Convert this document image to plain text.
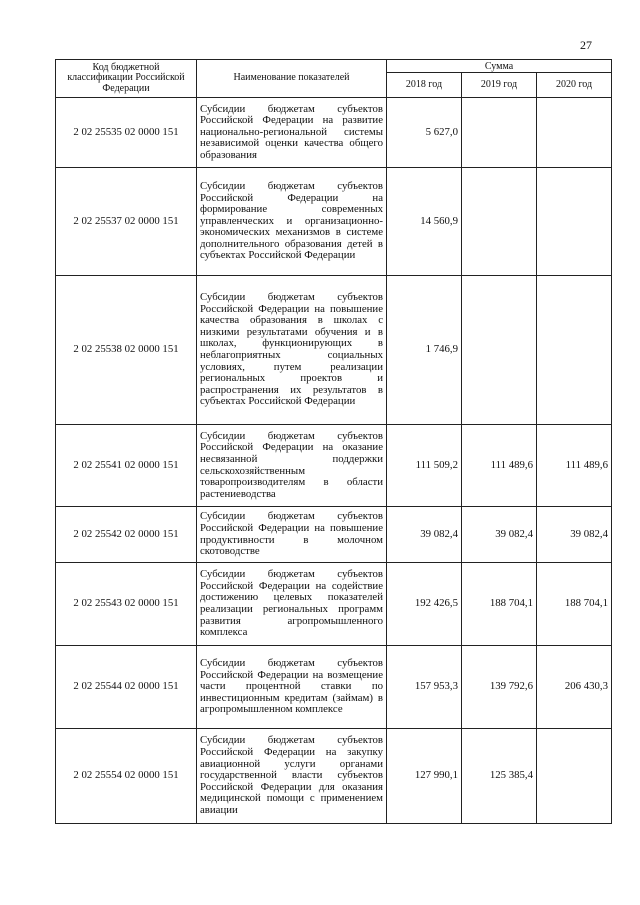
27
Код бюджетной классификации Российской Федерации	Наименование показателей	Сумма		
		2018 год	2019 год	2020 год
2 02 25535 02 0000 151	Субсидии бюджетам субъектов Российской Федерации на развитие национально-региональной системы независимой оценки качества общего образования	5 627,0		
2 02 25537 02 0000 151	Субсидии бюджетам субъектов Российской Федерации на формирование современных управленческих и организационно-экономических механизмов в системе дополнительного образования детей в субъектах Российской Федерации	14 560,9		
2 02 25538 02 0000 151	Субсидии бюджетам субъектов Российской Федерации на повышение качества образования в школах с низкими результатами обучения и в школах, функционирующих в неблагоприятных социальных условиях, путем реализации региональных проектов и распространения их результатов в субъектах Российской Федерации	1 746,9		
2 02 25541 02 0000 151	Субсидии бюджетам субъектов Российской Федерации на оказание несвязанной поддержки сельскохозяйственным товаропроизводителям в области растениеводства	111 509,2	111 489,6	111 489,6
2 02 25542 02 0000 151	Субсидии бюджетам субъектов Российской Федерации на повышение продуктивности в молочном скотоводстве	39 082,4	39 082,4	39 082,4
2 02 25543 02 0000 151	Субсидии бюджетам субъектов Российской Федерации на содействие достижению целевых показателей реализации региональных программ развития агропромышленного комплекса	192 426,5	188 704,1	188 704,1
2 02 25544 02 0000 151	Субсидии бюджетам субъектов Российской Федерации на возмещение части процентной ставки по инвестиционным кредитам (займам) в агропромышленном комплексе	157 953,3	139 792,6	206 430,3
2 02 25554 02 0000 151	Субсидии бюджетам субъектов Российской Федерации на закупку авиационной услуги органами государственной власти субъектов Российской Федерации для оказания медицинской помощи с применением авиации	127 990,1	125 385,4	
